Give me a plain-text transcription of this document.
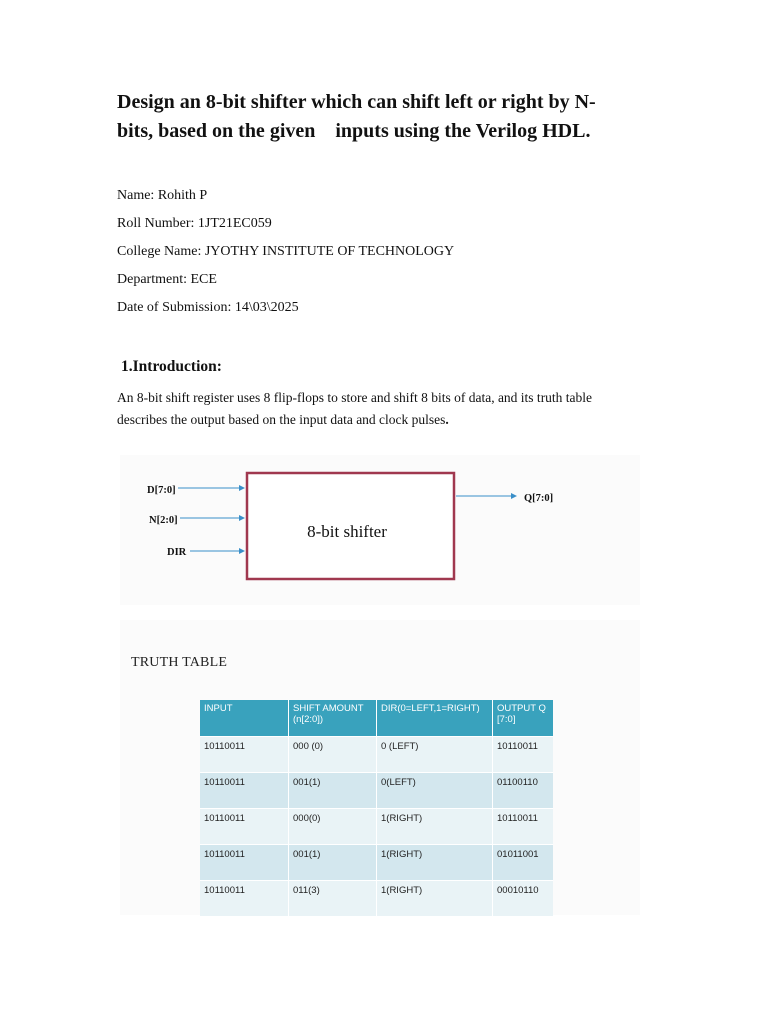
Design an 8-bit shifter which can shift left or right by N-
bits, based on the given    inputs using the Verilog HDL.

Name: Rohith P

Roll Number: 1JT21EC059

College Name: JYOTHY INSTITUTE OF TECHNOLOGY

Department: ECE

Date of Submission: 14\03\2025

1.Introduction:

An 8-bit shift register uses 8 flip-flops to store and shift 8 bits of data, and its truth table describes the output based on the input data and clock pulses.

8-bit shifter
D[7:0]
N[2:0]
DIR
Q[7:0]

TRUTH TABLE

INPUT	SHIFT AMOUNT (n[2:0])	DIR(0=LEFT,1=RIGHT)	OUTPUT Q [7:0]
10110011	000 (0)	0 (LEFT)	10110011
10110011	001(1)	0(LEFT)	01100110
10110011	000(0)	1(RIGHT)	10110011
10110011	001(1)	1(RIGHT)	01011001
10110011	011(3)	1(RIGHT)	00010110
